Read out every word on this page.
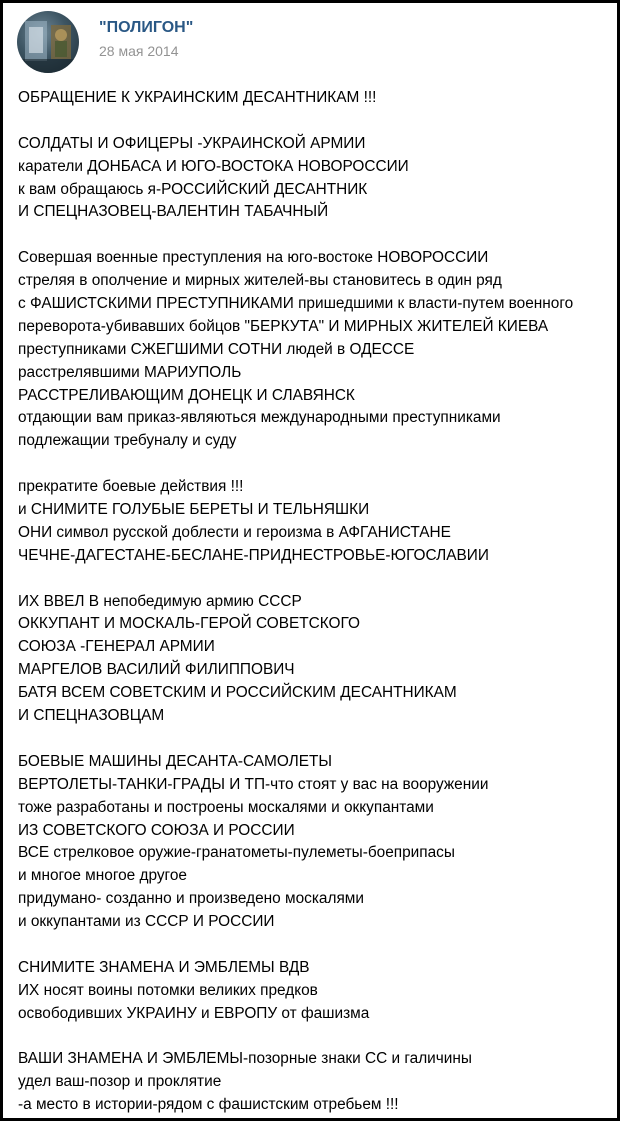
"ПОЛИГОН"
28 мая 2014
ОБРАЩЕНИЕ К УКРАИНСКИМ ДЕСАНТНИКАМ !!!
СОЛДАТЫ И ОФИЦЕРЫ -УКРАИНСКОЙ АРМИИ
каратели ДОНБАСА И ЮГО-ВОСТОКА НОВОРОССИИ
к вам обращаюсь я-РОССИЙСКИЙ ДЕСАНТНИК
И СПЕЦНАЗОВЕЦ-ВАЛЕНТИН ТАБАЧНЫЙ
Совершая военные преступления на юго-востоке НОВОРОССИИ
стреляя в ополчение и мирных жителей-вы становитесь в один ряд
с ФАШИСТСКИМИ ПРЕСТУПНИКАМИ пришедшими к власти-путем военного
переворота-убивавших бойцов "БЕРКУТА" И МИРНЫХ ЖИТЕЛЕЙ КИЕВА
преступниками СЖЕГШИМИ СОТНИ людей в ОДЕССЕ
расстрелявшими МАРИУПОЛЬ
РАССТРЕЛИВАЮЩИМ ДОНЕЦК И СЛАВЯНСК
отдающии вам приказ-являються международными преступниками
подлежащии требуналу и суду
прекратите боевые действия !!!
и СНИМИТЕ ГОЛУБЫЕ БЕРЕТЫ И ТЕЛЬНЯШКИ
ОНИ символ русской доблести и героизма в АФГАНИСТАНЕ
ЧЕЧНЕ-ДАГЕСТАНЕ-БЕСЛАНЕ-ПРИДНЕСТРОВЬЕ-ЮГОСЛАВИИ
ИХ ВВЕЛ В непобедимую армию СССР
ОККУПАНТ И МОСКАЛЬ-ГЕРОЙ СОВЕТСКОГО
СОЮЗА -ГЕНЕРАЛ АРМИИ
МАРГЕЛОВ ВАСИЛИЙ ФИЛИППОВИЧ
БАТЯ ВСЕМ СОВЕТСКИМ И РОССИЙСКИМ ДЕСАНТНИКАМ
И СПЕЦНАЗОВЦАМ
БОЕВЫЕ МАШИНЫ ДЕСАНТА-САМОЛЕТЫ
ВЕРТОЛЕТЫ-ТАНКИ-ГРАДЫ И ТП-что стоят у вас на вооружении
тоже разработаны и построены москалями и оккупантами
ИЗ СОВЕТСКОГО СОЮЗА И РОССИИ
ВСЕ стрелковое оружие-гранатометы-пулеметы-боеприпасы
и многое многое другое
придумано- созданно и произведено москалями
и оккупантами из СССР И РОССИИ
СНИМИТЕ ЗНАМЕНА И ЭМБЛЕМЫ ВДВ
ИХ носят воины потомки великих предков
освободивших УКРАИНУ и ЕВРОПУ от фашизма
ВАШИ ЗНАМЕНА И ЭМБЛЕМЫ-позорные знаки СС и галичины
удел ваш-позор и проклятие
-а место в истории-рядом с фашистским отребьем !!!
